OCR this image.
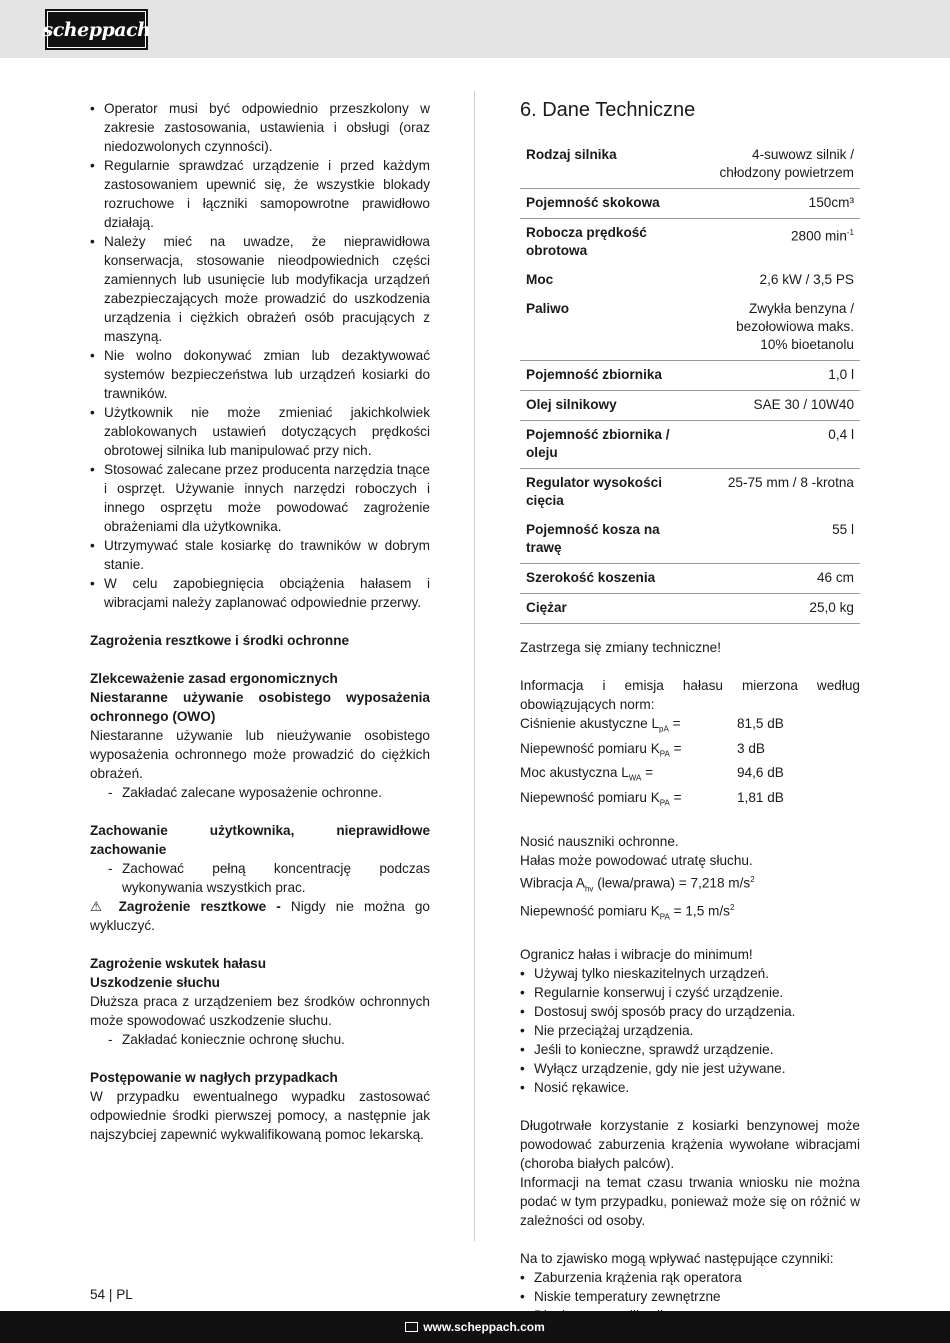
scheppach
• Operator musi być odpowiednio przeszkolony w zakresie zastosowania, ustawienia i obsługi (oraz niedozwolonych czynności).
• Regularnie sprawdzać urządzenie i przed każdym zastosowaniem upewnić się, że wszystkie blokady rozruchowe i łączniki samopowrotne prawidłowo działają.
• Należy mieć na uwadze, że nieprawidłowa konserwacja, stosowanie nieodpowiednich części zamiennych lub usunięcie lub modyfikacja urządzeń zabezpieczających może prowadzić do uszkodzenia urządzenia i ciężkich obrażeń osób pracujących z maszyną.
• Nie wolno dokonywać zmian lub dezaktywować systemów bezpieczeństwa lub urządzeń kosiarki do trawników.
• Użytkownik nie może zmieniać jakichkolwiek zablokowanych ustawień dotyczących prędkości obrotowej silnika lub manipulować przy nich.
• Stosować zalecane przez producenta narzędzia tnące i osprzęt. Używanie innych narzędzi roboczych i innego osprzętu może powodować zagrożenie obrażeniami dla użytkownika.
• Utrzymywać stale kosiarkę do trawników w dobrym stanie.
• W celu zapobiegnięcia obciążenia hałasem i wibracjami należy zaplanować odpowiednie przerwy.
Zagrożenia resztkowe i środki ochronne
Zlekceważenie zasad ergonomicznych
Niestaranne używanie osobistego wyposażenia ochronnego (OWO)

Niestaranne używanie lub nieużywanie osobistego wyposażenia ochronnego może prowadzić do ciężkich obrażeń.

- Zakładać zalecane wyposażenie ochronne.
Zachowanie użytkownika, nieprawidłowe zachowanie
- Zachować pełną koncentrację podczas wykonywania wszystkich prac.

⚠ Zagrożenie resztkowe - Nigdy nie można go wykluczyć.

Zagrożenie wskutek hałasu
Uszkodzenie słuchu

Dłuższa praca z urządzeniem bez środków ochronnych może spowodować uszkodzenie słuchu.

- Zakładać koniecznie ochronę słuchu.
Postępowanie w nagłych przypadkach

W przypadku ewentualnego wypadku zastosować odpowiednie środki pierwszej pomocy, a następnie jak najszybciej zapewnić wykwalifikowaną pomoc lekarską.

6. Dane Techniczne
Rodzaj silnika	4-suwowz silnik / chłodzony powietrzem
Pojemność skokowa	150cm³
Robocza prędkość obrotowa	2800 $\min^{-1}$
Moc	2,6 kW / 3,5 PS
Paliwo	Zwykła benzyna / bezołowiowa maks. 10% bioetanolu
Pojemność zbiornika	1,0 l
Olej silnikowy	SAE 30 / 10W40
Pojemność zbiornika / oleju	0,4 l
Regulator wysokości cięcia	25-75 mm / 8 -krotna
Pojemność kosza na trawę	55 l
Szerokość koszenia	46 cm
Ciężar	25,0 kg
Zastrzega się zmiany techniczne!

Informacja i emisja hałasu mierzona według obowiązujących norm:

Ciśnienie akustyczne $L_{pA}$ =	81,5 dB
Niepewność pomiaru $K_{PA}$ =	3 dB
Moc akustyczna $L_{WA}$ =	94,6 dB
Niepewność pomiaru $K_{PA}$ =	1,81 dB
Nosić nauszniki ochronne.
Hałas może powodować utratę słuchu.
Wibracja $A_{hv}$ (lewa/prawa) = 7,218 $m/s^2$
Niepewność pomiaru $K_{PA} = 1,5$ $m/s^2$
Ogranicz hałas i wibracje do minimum!
• Używaj tylko nieskazitelnych urządzeń.
• Regularnie konserwuj i czyść urządzenie.
• Dostosuj swój sposób pracy do urządzenia.
• Nie przeciążaj urządzenia.
• Jeśli to konieczne, sprawdź urządzenie.
• Wyłącz urządzenie, gdy nie jest używane.
• Nosić rękawice.

Długotrwałe korzystanie z kosiarki benzynowej może powodować zaburzenia krążenia wywołane wibracjami (choroba białych palców).

Informacji na temat czasu trwania wniosku nie można podać w tym przypadku, ponieważ może się on różnić w zależności od osoby.

Na to zjawisko mogą wpływać następujące czynniki:
• Zaburzenia krążenia rąk operatora
• Niskie temperatury zewnętrzne
•
54 | PL
www.scheppach.com
